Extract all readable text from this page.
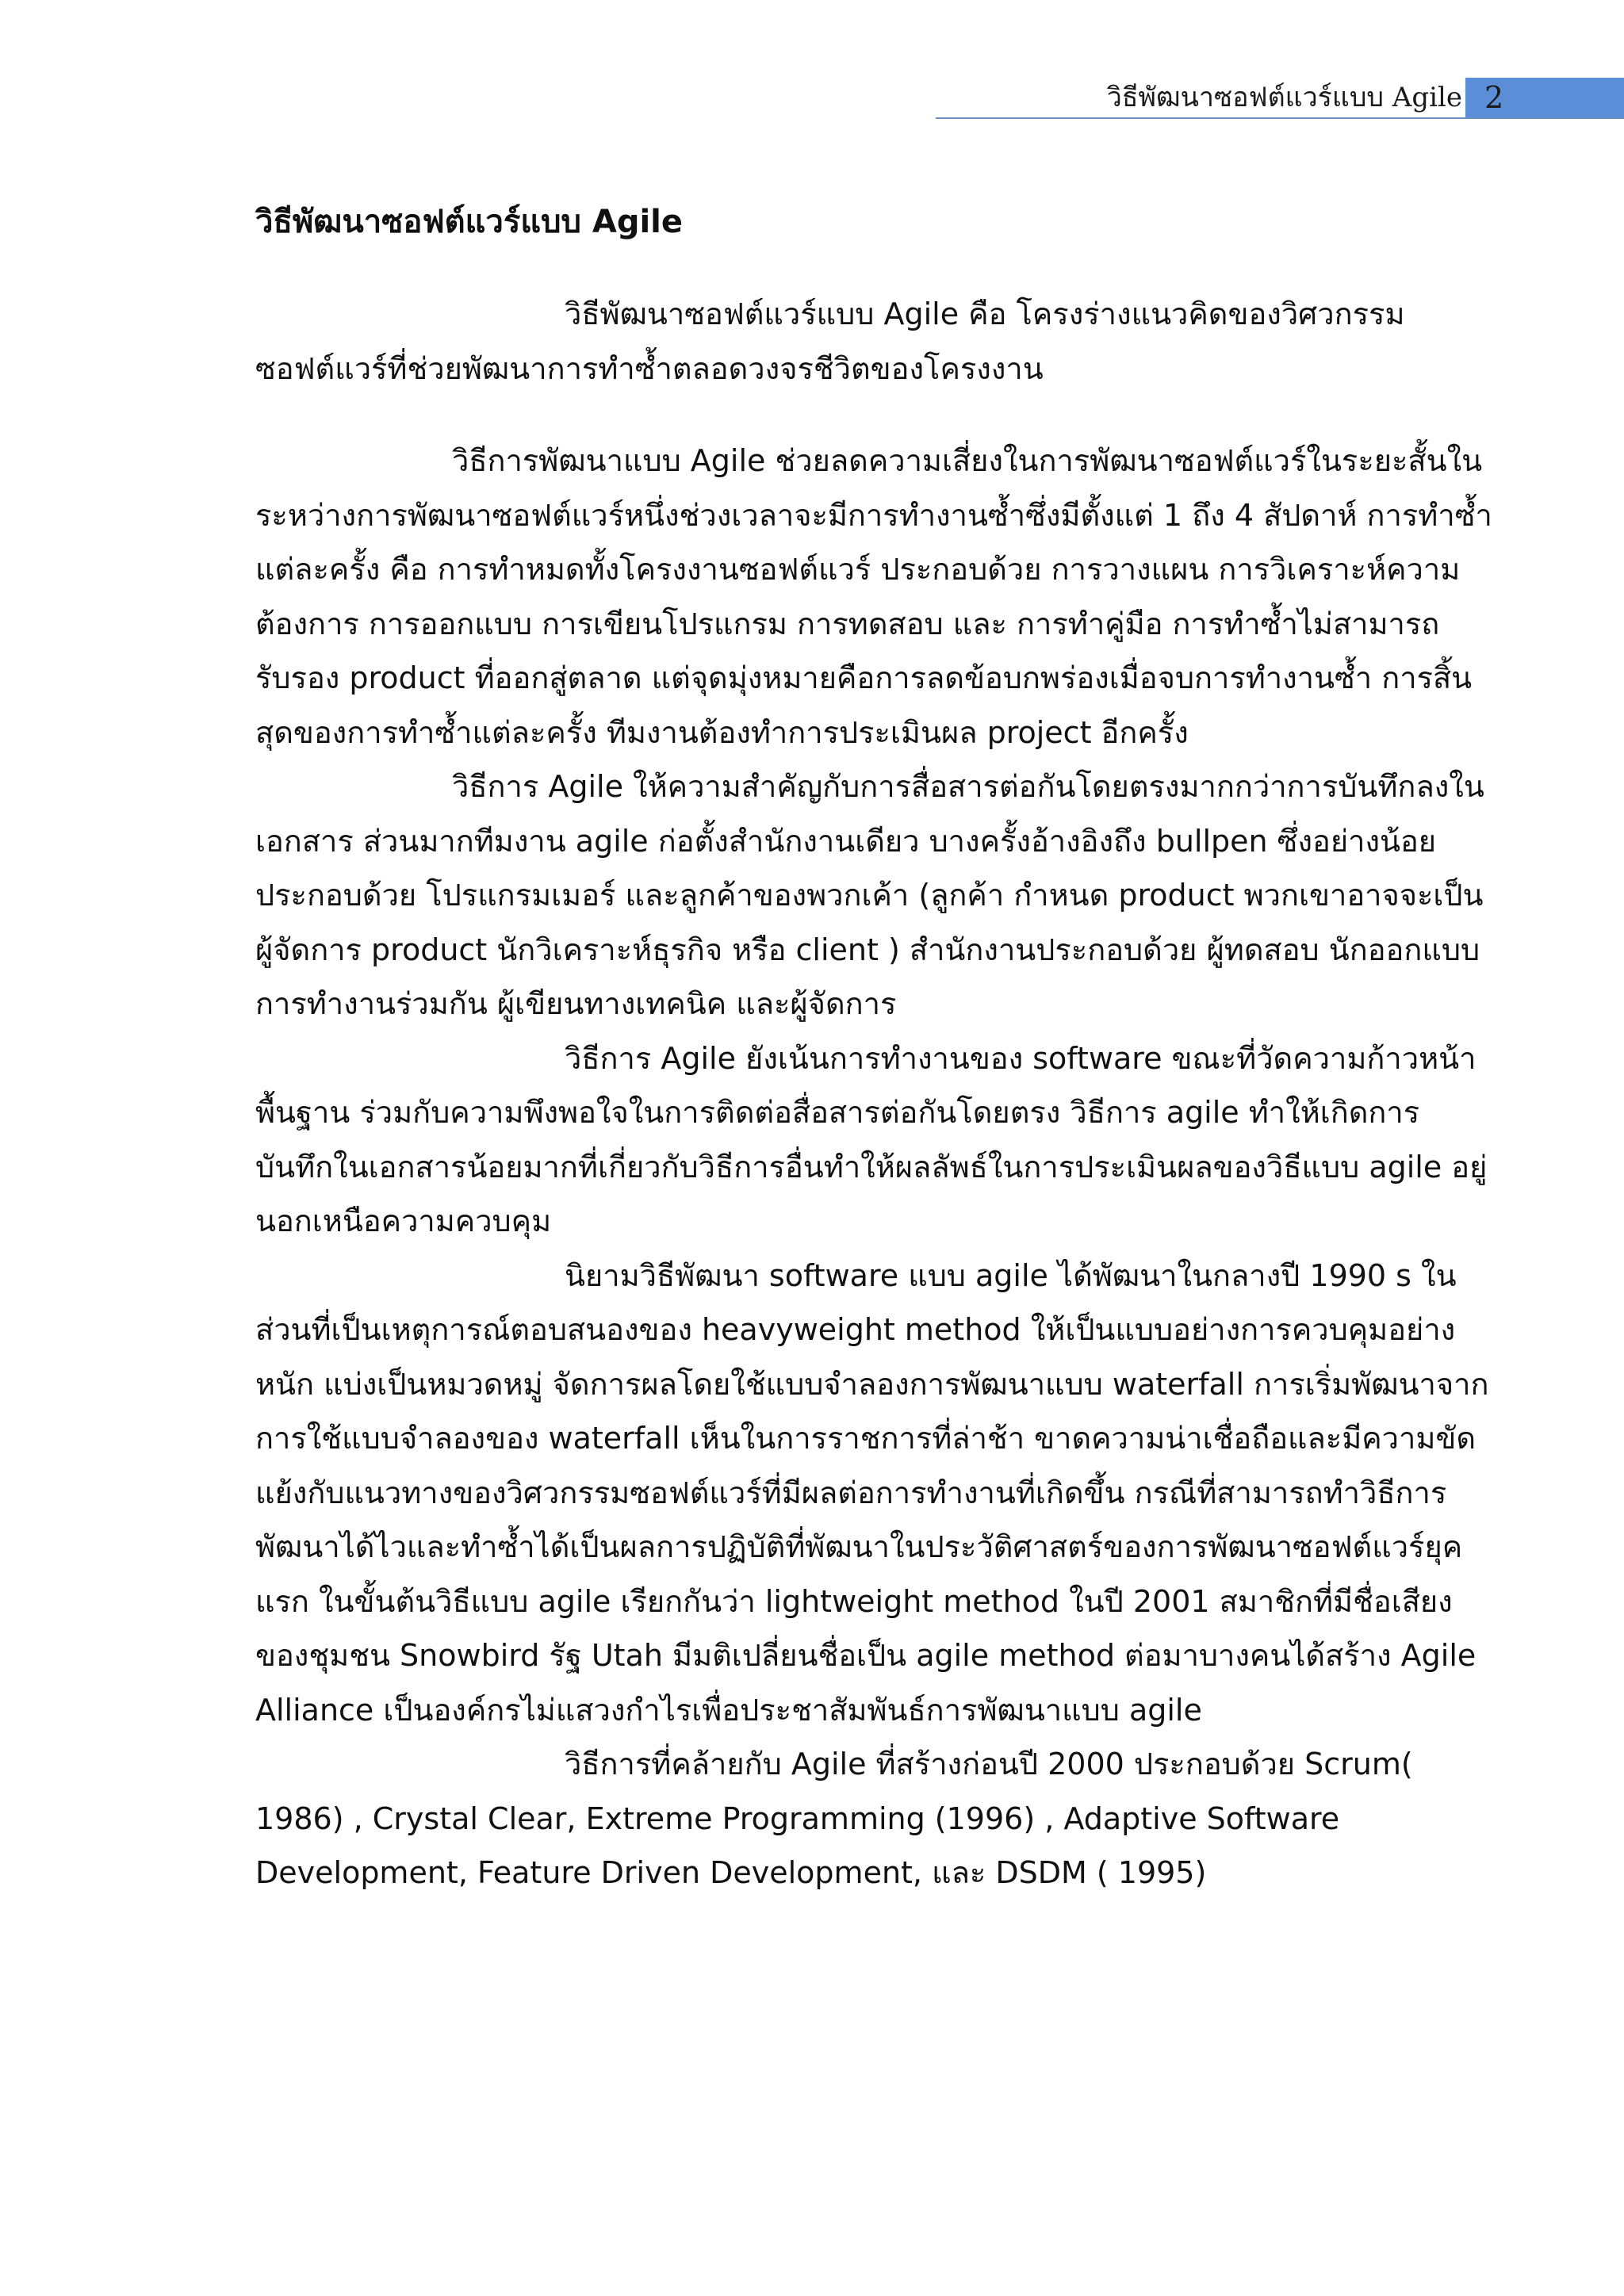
วิธีพัฒนาซอฟต์แวร์แบบ Agile 2
วิธีพัฒนาซอฟต์แวร์แบบ Agile

วิธีพัฒนาซอฟต์แวร์แบบ Agile คือ โครงร่างแนวคิดของวิศวกรรมซอฟต์แวร์ที่ช่วยพัฒนาการทำซ้ำตลอดวงจรชีวิตของโครงงาน

วิธีการพัฒนาแบบ Agile ช่วยลดความเสี่ยงในการพัฒนาซอฟต์แวร์ในระยะสั้นในระหว่างการพัฒนาซอฟต์แวร์หนึ่งช่วงเวลาจะมีการทำงานซ้ำซึ่งมีตั้งแต่ 1 ถึง 4 สัปดาห์ การทำซ้ำแต่ละครั้ง คือ การทำหมดทั้งโครงงานซอฟต์แวร์ ประกอบด้วย การวางแผน การวิเคราะห์ความต้องการ การออกแบบ การเขียนโปรแกรม การทดสอบ และ การทำคู่มือ การทำซ้ำไม่สามารถรับรอง product ที่ออกสู่ตลาด แต่จุดมุ่งหมายคือการลดข้อบกพร่องเมื่อจบการทำงานซ้ำ การสิ้นสุดของการทำซ้ำแต่ละครั้ง ทีมงานต้องทำการประเมินผล project อีกครั้ง

วิธีการ Agile ให้ความสำคัญกับการสื่อสารต่อกันโดยตรงมากกว่าการบันทึกลงในเอกสาร ส่วนมากทีมงาน agile ก่อตั้งสำนักงานเดียว บางครั้งอ้างอิงถึง bullpen ซึ่งอย่างน้อยประกอบด้วย โปรแกรมเมอร์ และลูกค้าของพวกเค้า (ลูกค้า กำหนด product พวกเขาอาจจะเป็นผู้จัดการ product นักวิเคราะห์ธุรกิจ หรือ client ) สำนักงานประกอบด้วย ผู้ทดสอบ นักออกแบบการทำงานร่วมกัน ผู้เขียนทางเทคนิค และผู้จัดการ

วิธีการ Agile ยังเน้นการทำงานของ software ขณะที่วัดความก้าวหน้าพื้นฐาน ร่วมกับความพึงพอใจในการติดต่อสื่อสารต่อกันโดยตรง วิธีการ agile ทำให้เกิดการบันทึกในเอกสารน้อยมากที่เกี่ยวกับวิธีการอื่นทำให้ผลลัพธ์ในการประเมินผลของวิธีแบบ agile อยู่นอกเหนือความควบคุม

นิยามวิธีพัฒนา software แบบ agile ได้พัฒนาในกลางปี 1990 s ในส่วนที่เป็นเหตุการณ์ตอบสนองของ heavyweight method ให้เป็นแบบอย่างการควบคุมอย่างหนัก แบ่งเป็นหมวดหมู่ จัดการผลโดยใช้แบบจำลองการพัฒนาแบบ waterfall การเริ่มพัฒนาจากการใช้แบบจำลองของ waterfall เห็นในการราชการที่ล่าช้า ขาดความน่าเชื่อถือและมีความขัดแย้งกับแนวทางของวิศวกรรมซอฟต์แวร์ที่มีผลต่อการทำงานที่เกิดขึ้น กรณีที่สามารถทำวิธีการพัฒนาได้ไวและทำซ้ำได้เป็นผลการปฏิบัติที่พัฒนาในประวัติศาสตร์ของการพัฒนาซอฟต์แวร์ยุคแรก ในขั้นต้นวิธีแบบ agile เรียกกันว่า lightweight method ในปี 2001 สมาชิกที่มีชื่อเสียงของชุมชน Snowbird รัฐ Utah มีมติเปลี่ยนชื่อเป็น agile method ต่อมาบางคนได้สร้าง Agile Alliance เป็นองค์กรไม่แสวงกำไรเพื่อประชาสัมพันธ์การพัฒนาแบบ agile

วิธีการที่คล้ายกับ Agile ที่สร้างก่อนปี 2000 ประกอบด้วย Scrum( 1986) , Crystal Clear, Extreme Programming (1996) , Adaptive Software Development, Feature Driven Development, และ DSDM ( 1995)
